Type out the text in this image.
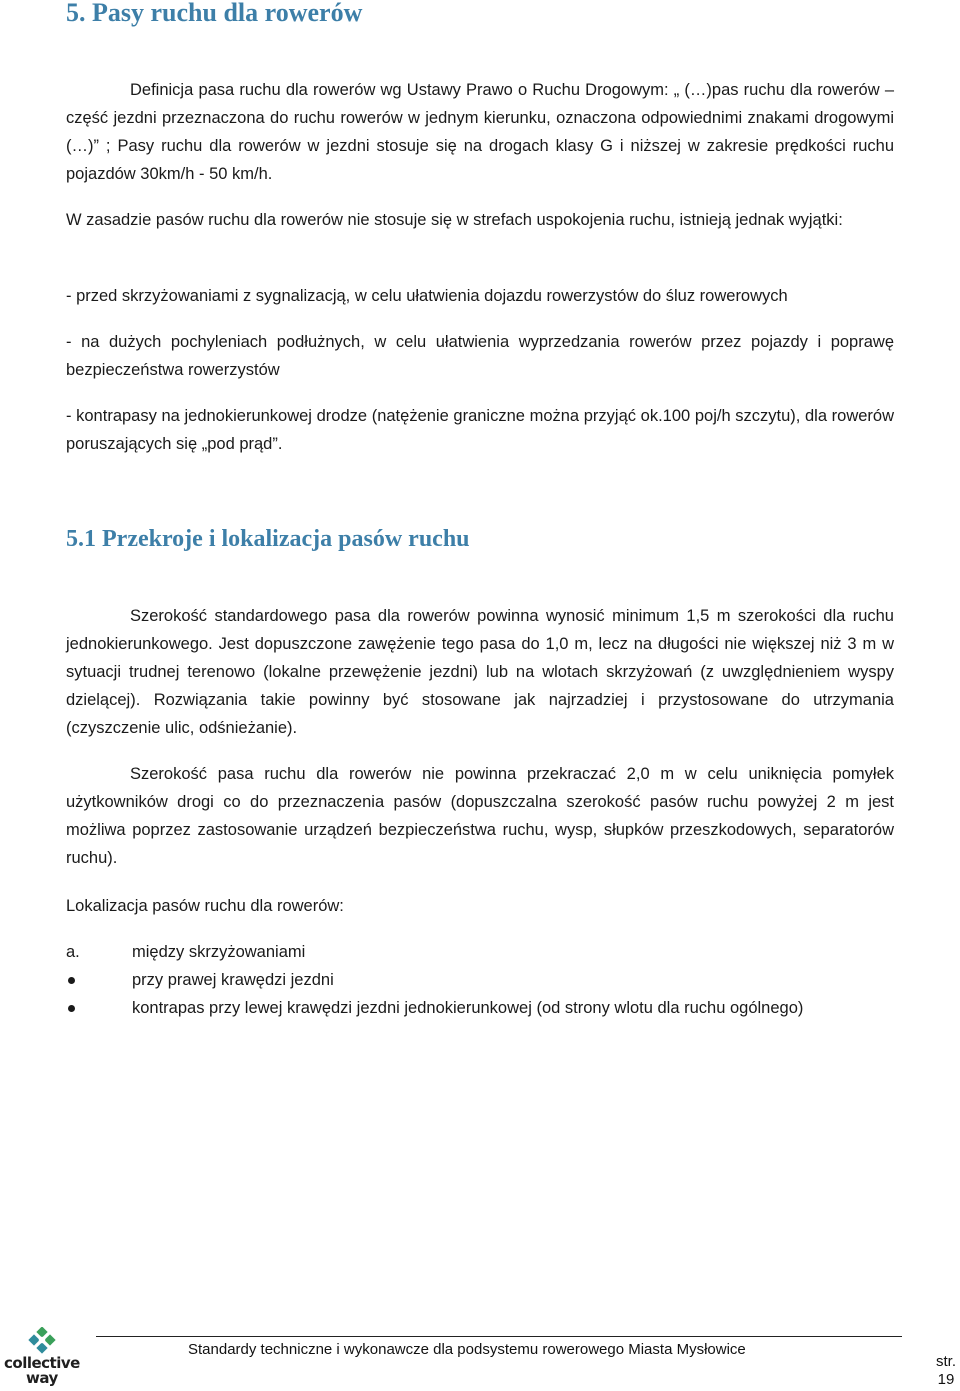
5. Pasy ruchu dla rowerów

Definicja pasa ruchu dla rowerów wg Ustawy Prawo o Ruchu Drogowym: „ (…)pas ruchu dla rowerów – część jezdni przeznaczona do ruchu rowerów w jednym kierunku, oznaczona odpowiednimi znakami drogowymi (…)” ; Pasy ruchu dla rowerów w jezdni stosuje się na drogach klasy G i niższej w zakresie prędkości ruchu pojazdów 30km/h - 50 km/h.

W zasadzie pasów ruchu dla rowerów nie stosuje się w strefach uspokojenia ruchu, istnieją jednak wyjątki:

- przed skrzyżowaniami z sygnalizacją, w celu ułatwienia dojazdu rowerzystów do śluz rowerowych

- na dużych pochyleniach podłużnych, w celu ułatwienia wyprzedzania rowerów przez pojazdy i poprawę bezpieczeństwa rowerzystów

- kontrapasy na jednokierunkowej drodze (natężenie graniczne można przyjąć ok.100 poj/h szczytu), dla rowerów poruszających się „pod prąd”.

5.1 Przekroje i lokalizacja pasów ruchu

Szerokość standardowego pasa dla rowerów powinna wynosić minimum 1,5 m szerokości dla ruchu jednokierunkowego. Jest dopuszczone zawężenie tego pasa do 1,0 m, lecz na długości nie większej niż 3 m w sytuacji trudnej terenowo (lokalne przewężenie jezdni) lub na wlotach skrzyżowań (z uwzględnieniem wyspy dzielącej). Rozwiązania takie powinny być stosowane jak najrzadziej i przystosowane do utrzymania (czyszczenie ulic, odśnieżanie).

Szerokość pasa ruchu dla rowerów nie powinna przekraczać 2,0 m w celu uniknięcia pomyłek użytkowników drogi co do przeznaczenia pasów (dopuszczalna szerokość pasów ruchu powyżej 2 m jest możliwa poprzez zastosowanie urządzeń bezpieczeństwa ruchu, wysp, słupków przeszkodowych, separatorów ruchu).

Lokalizacja pasów ruchu dla rowerów:

a.	między skrzyżowaniami
przy prawej krawędzi jezdni
kontrapas przy lewej krawędzi jezdni jednokierunkowej (od strony wlotu dla ruchu ogólnego)
collective
way
Standardy techniczne i wykonawcze dla podsystemu rowerowego Miasta Mysłowice
str.
19
